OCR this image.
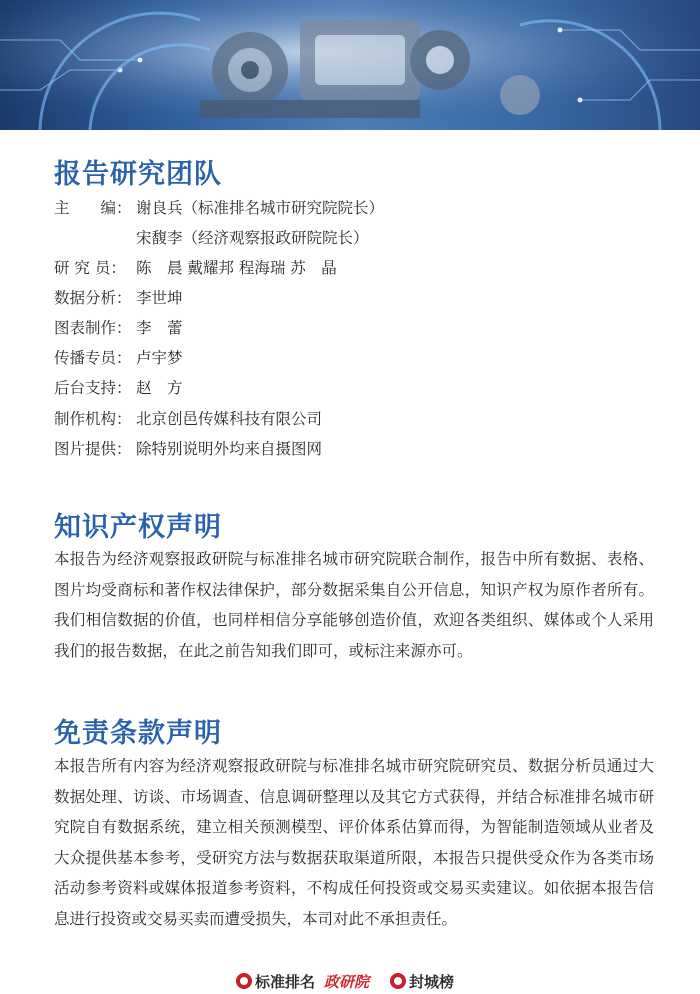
报告研究团队
主　　编： 谢良兵（标准排名城市研究院院长）
宋馥李（经济观察报政研院院长）
研 究 员： 陈　晨 戴耀邦 程海瑞 苏　晶
数据分析： 李世坤
图表制作： 李　蕾
传播专员： 卢宇梦
后台支持： 赵　方
制作机构： 北京创邑传媒科技有限公司
图片提供： 除特别说明外均来自摄图网
知识产权声明

本报告为经济观察报政研院与标准排名城市研究院联合制作，报告中所有数据、表格、图片均受商标和著作权法律保护，部分数据采集自公开信息，知识产权为原作者所有。我们相信数据的价值，也同样相信分享能够创造价值，欢迎各类组织、媒体或个人采用我们的报告数据，在此之前告知我们即可，或标注来源亦可。

免责条款声明

本报告所有内容为经济观察报政研院与标准排名城市研究院研究员、数据分析员通过大数据处理、访谈、市场调查、信息调研整理以及其它方式获得，并结合标准排名城市研究院自有数据系统，建立相关预测模型、评价体系估算而得，为智能制造领域从业者及大众提供基本参考，受研究方法与数据获取渠道所限，本报告只提供受众作为各类市场活动参考资料或媒体报道参考资料，不构成任何投资或交易买卖建议。如依据本报告信息进行投资或交易买卖而遭受损失，本司对此不承担责任。

标准排名 政研院	封城榜
